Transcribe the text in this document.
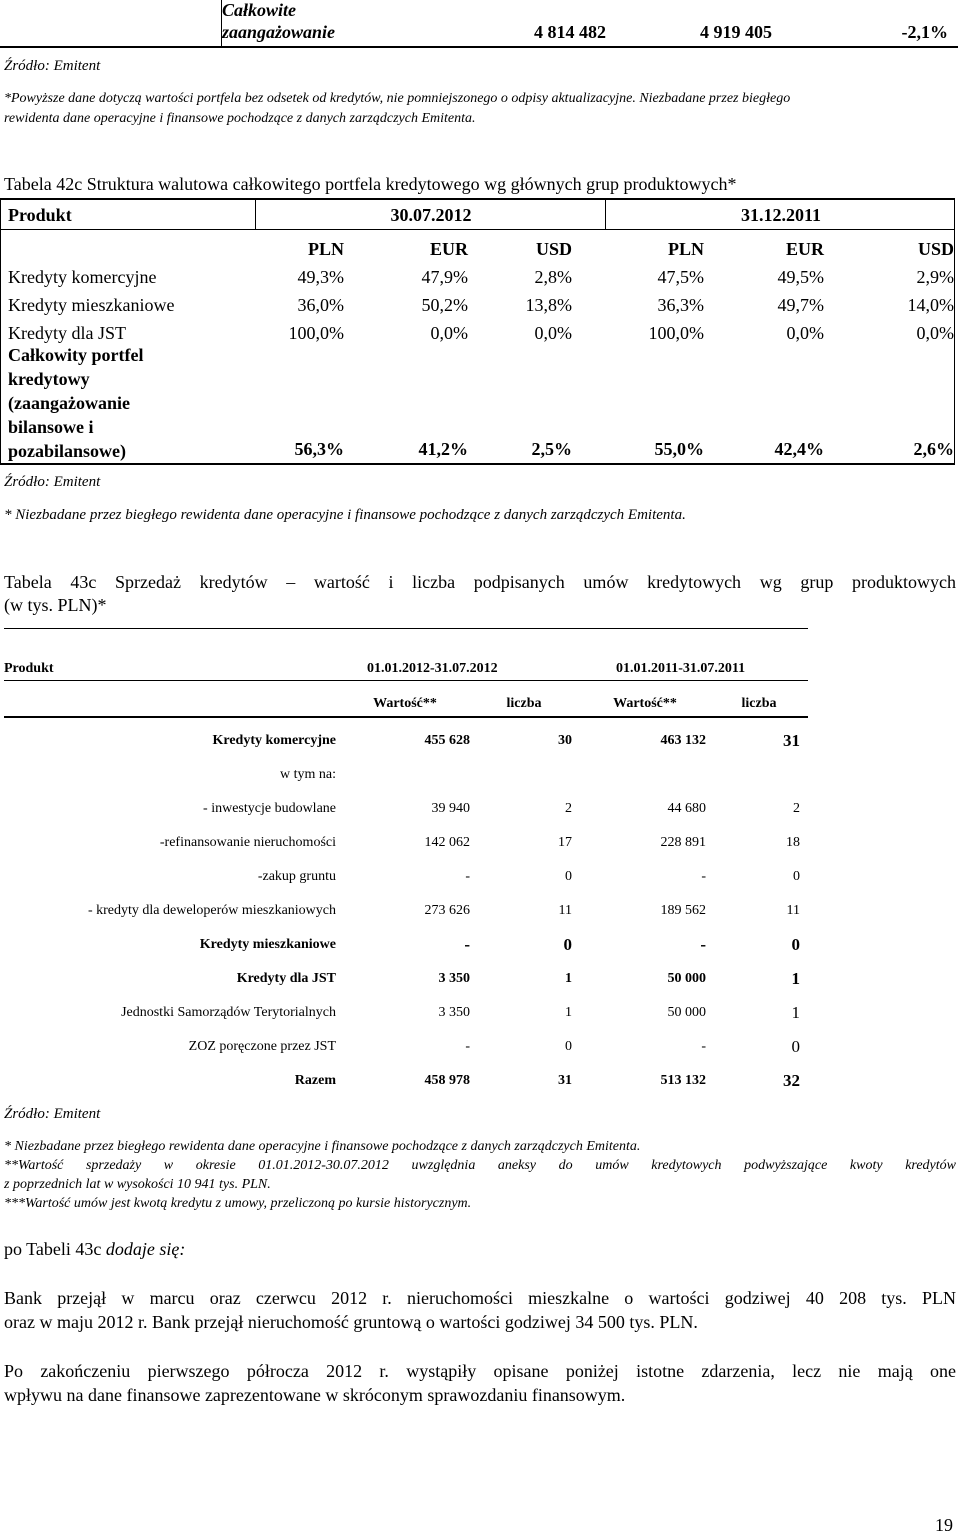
Całkowite
zaangażowanie	4 814 482	4 919 405	-2,1%
Źródło: Emitent
*Powyższe dane dotyczą wartości portfela bez odsetek od kredytów, nie pomniejszonego o odpisy aktualizacyjne. Niezbadane przez biegłego
rewidenta dane operacyjne i finansowe pochodzące z danych zarządczych Emitenta.
Tabela 42c Struktura walutowa całkowitego portfela kredytowego wg głównych grup produktowych*
Produkt	30.07.2012	31.12.2011
	PLN	EUR	USD	PLN	EUR	USD
Kredyty komercyjne	49,3%	47,9%	2,8%	47,5%	49,5%	2,9%
Kredyty mieszkaniowe	36,0%	50,2%	13,8%	36,3%	49,7%	14,0%
Kredyty dla JST	100,0%	0,0%	0,0%	100,0%	0,0%	0,0%
Całkowity portfel
kredytowy
(zaangażowanie
bilansowe i
pozabilansowe)	56,3%	41,2%	2,5%	55,0%	42,4%	2,6%
Źródło: Emitent
* Niezbadane przez biegłego rewidenta dane operacyjne i finansowe pochodzące z danych zarządczych Emitenta.
Tabela 43c Sprzedaż kredytów – wartość i liczba podpisanych umów kredytowych wg grup produktowych
(w tys. PLN)*
Produkt	01.01.2012-31.07.2012	01.01.2011-31.07.2011
Wartość**	liczba	Wartość**	liczba
Kredyty komercyjne	455 628	30	463 132	31
w tym na:				
- inwestycje budowlane	39 940	2	44 680	2
-refinansowanie nieruchomości	142 062	17	228 891	18
-zakup gruntu	-	0	-	0
- kredyty dla deweloperów mieszkaniowych	273 626	11	189 562	11
Kredyty mieszkaniowe	-	0	-	0
Kredyty dla JST	3 350	1	50 000	1
Jednostki Samorządów Terytorialnych	3 350	1	50 000	1
ZOZ poręczone przez JST	-	0	-	0
Razem	458 978	31	513 132	32
Źródło: Emitent
* Niezbadane przez biegłego rewidenta dane operacyjne i finansowe pochodzące z danych zarządczych Emitenta.
**Wartość sprzedaży w okresie 01.01.2012-30.07.2012 uwzględnia aneksy do umów kredytowych podwyższające kwoty kredytów
z poprzednich lat w wysokości 10 941 tys. PLN.
***Wartość umów jest kwotą kredytu z umowy, przeliczoną po kursie historycznym.
po Tabeli 43c dodaje się:
Bank przejął w marcu oraz czerwcu 2012 r. nieruchomości mieszkalne o wartości godziwej 40 208 tys. PLN
oraz w maju 2012 r. Bank przejął nieruchomość gruntową o wartości godziwej 34 500 tys. PLN.
Po zakończeniu pierwszego półrocza 2012 r. wystąpiły opisane poniżej istotne zdarzenia, lecz nie mają one
wpływu na dane finansowe zaprezentowane w skróconym sprawozdaniu finansowym.
19
